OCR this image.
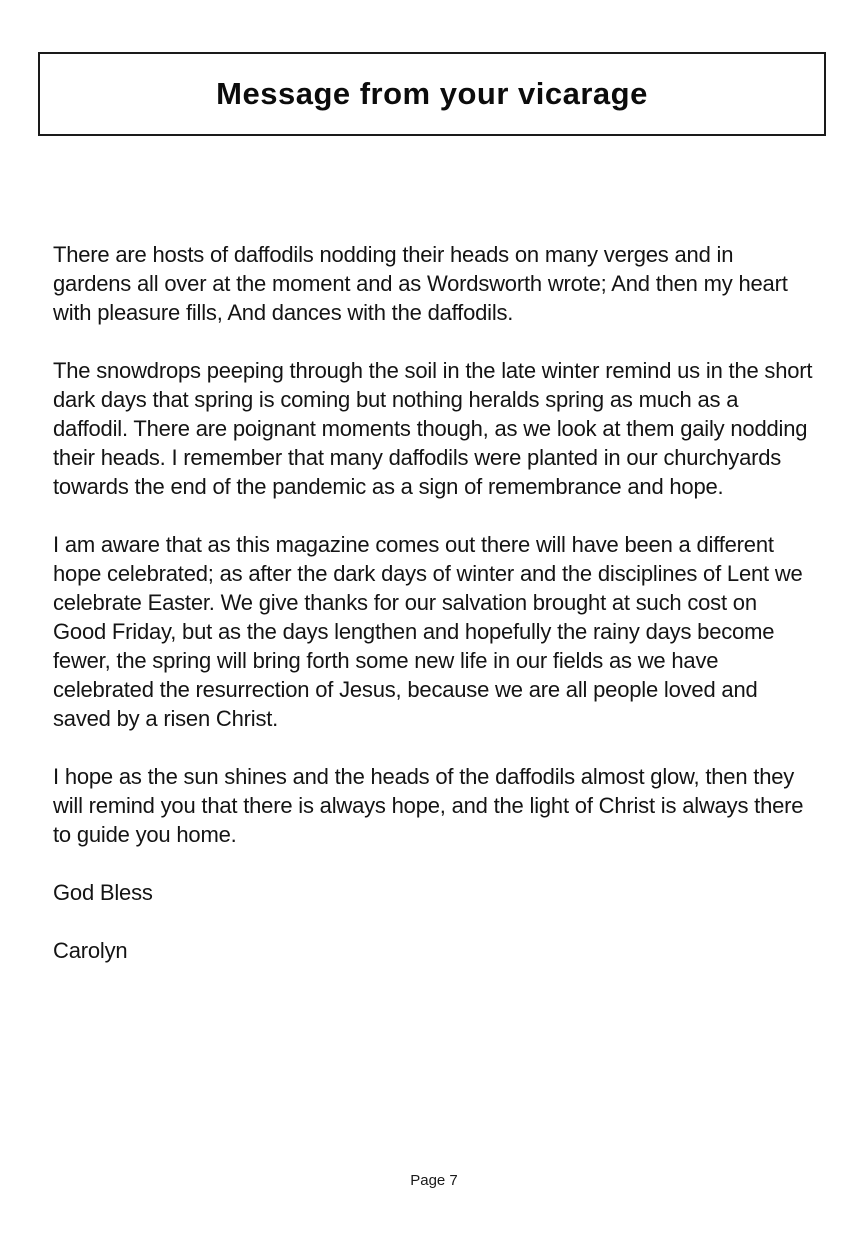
Message from your vicarage

There are hosts of daffodils nodding their heads on many verges and in gardens all over at the moment and as Wordsworth wrote; And then my heart with pleasure fills, And dances with the daffodils.

The snowdrops peeping through the soil in the late winter remind us in the short dark days that spring is coming but nothing heralds spring as much as a daffodil. There are poignant moments though, as we look at them gaily nodding their heads. I remember that many daffodils were planted in our churchyards towards the end of the pandemic as a sign of remembrance and hope.

I am aware that as this magazine comes out there will have been a different hope celebrated; as after the dark days of winter and the disciplines of Lent we celebrate Easter. We give thanks for our salvation brought at such cost on Good Friday, but as the days lengthen and hopefully the rainy days become fewer, the spring will bring forth some new life in our fields as we have celebrated the resurrection of Jesus, because we are all people loved and saved by a risen Christ.

I hope as the sun shines and the heads of the daffodils almost glow, then they will remind you that there is always hope, and the light of Christ is always there to guide you home.

God Bless

Carolyn

Page 7
